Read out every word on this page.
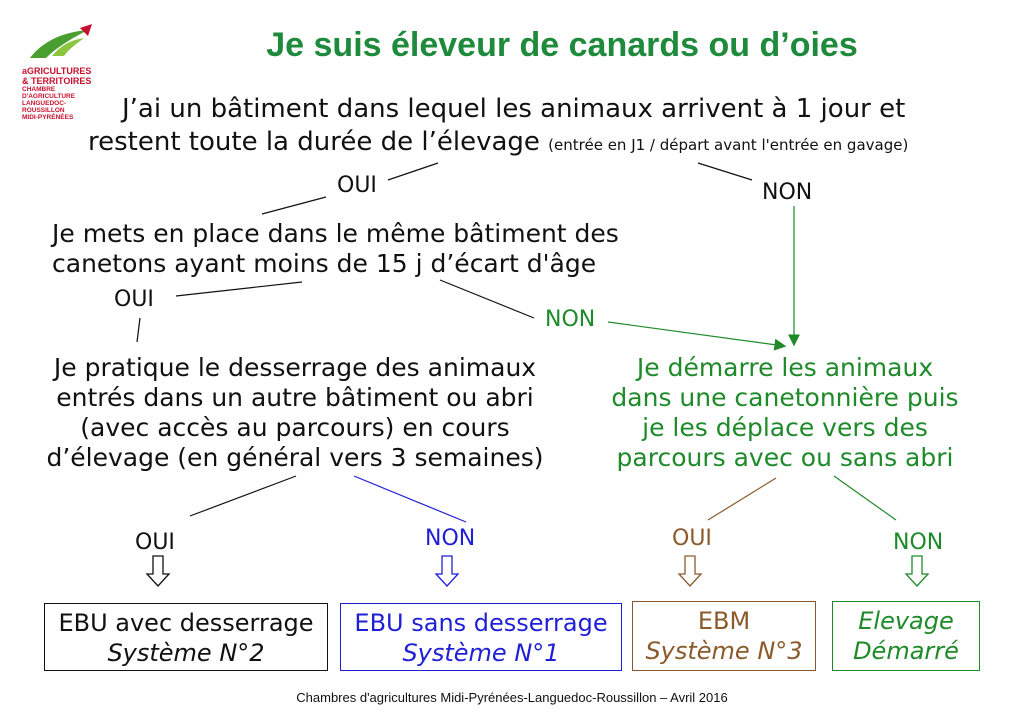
aGRICULTURES
& TERRITOIRES
CHAMBRE D'AGRICULTURE
LANGUEDOC-ROUSSILLON
MIDI-PYRÉNÉES
Je suis éleveur de canards ou d’oies
J’ai un bâtiment dans lequel les animaux arrivent à 1 jour et
restent toute la durée de l’élevage (entrée en J1 / départ avant l'entrée en gavage)
OUI	NON
Je mets en place dans le même bâtiment des
canetons ayant moins de 15 j d’écart d'âge
OUI
NON
Je pratique le desserrage des animaux
entrés dans un autre bâtiment ou abri
(avec accès au parcours) en cours
d’élevage (en général vers 3 semaines)
OUI	NON
Je démarre les animaux
dans une canetonnière puis
je les déplace vers des
parcours avec ou sans abri
OUI	NON
EBU avec desserrage
Système N°2
EBU sans desserrage
Système N°1
EBM
Système N°3
Elevage
Démarré
Chambres d'agricultures Midi-Pyrénées-Languedoc-Roussillon – Avril 2016
